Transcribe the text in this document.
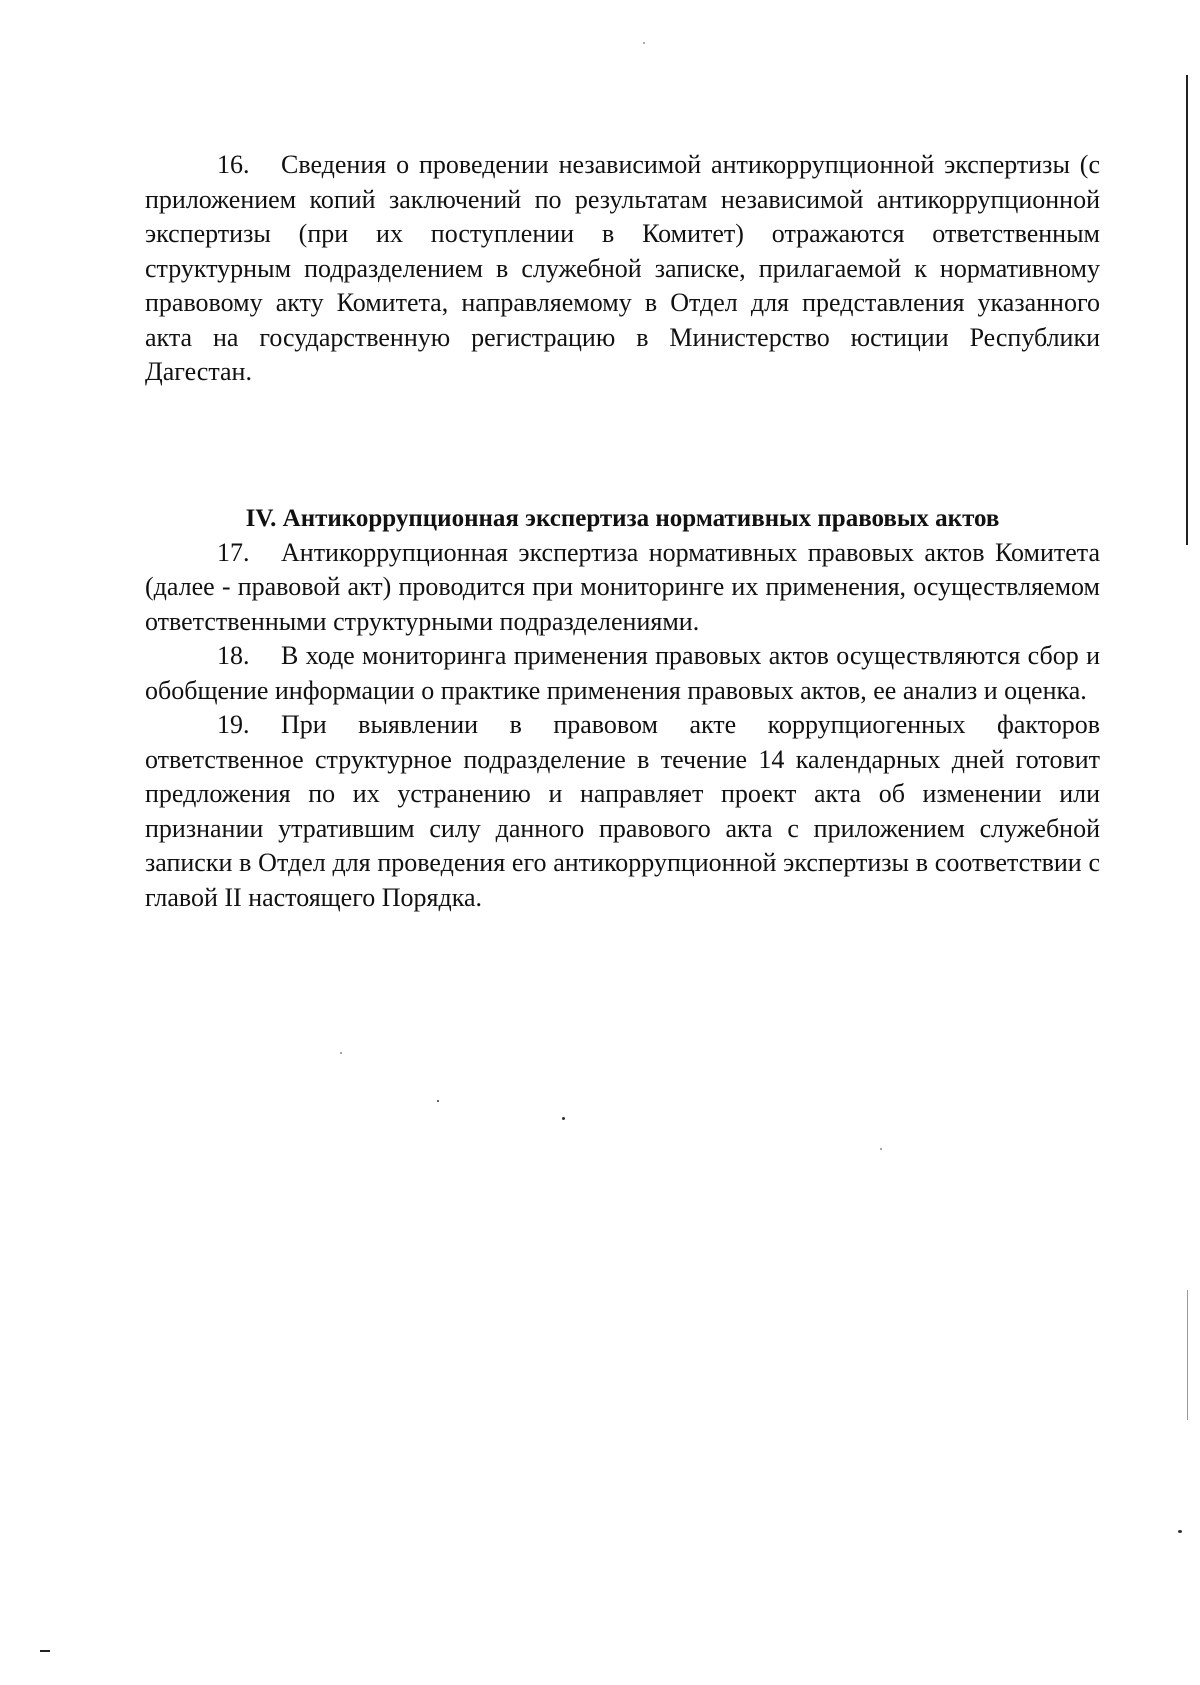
16. Сведения о проведении независимой антикоррупционной экспертизы (с приложением копий заключений по результатам независимой антикоррупционной экспертизы (при их поступлении в Комитет) отражаются ответственным структурным подразделением в служебной записке, прилагаемой к нормативному правовому акту Комитета, направляемому в Отдел для представления указанного акта на государственную регистрацию в Министерство юстиции Республики Дагестан.

IV. Антикоррупционная экспертиза нормативных правовых актов

17. Антикоррупционная экспертиза нормативных правовых актов Комитета (далее - правовой акт) проводится при мониторинге их применения, осуществляемом ответственными структурными подразделениями.

18. В ходе мониторинга применения правовых актов осуществляются сбор и обобщение информации о практике применения правовых актов, ее анализ и оценка.

19. При выявлении в правовом акте коррупциогенных факторов ответственное структурное подразделение в течение 14 календарных дней готовит предложения по их устранению и направляет проект акта об изменении или признании утратившим силу данного правового акта с приложением служебной записки в Отдел для проведения его антикоррупционной экспертизы в соответствии с главой II настоящего Порядка.
